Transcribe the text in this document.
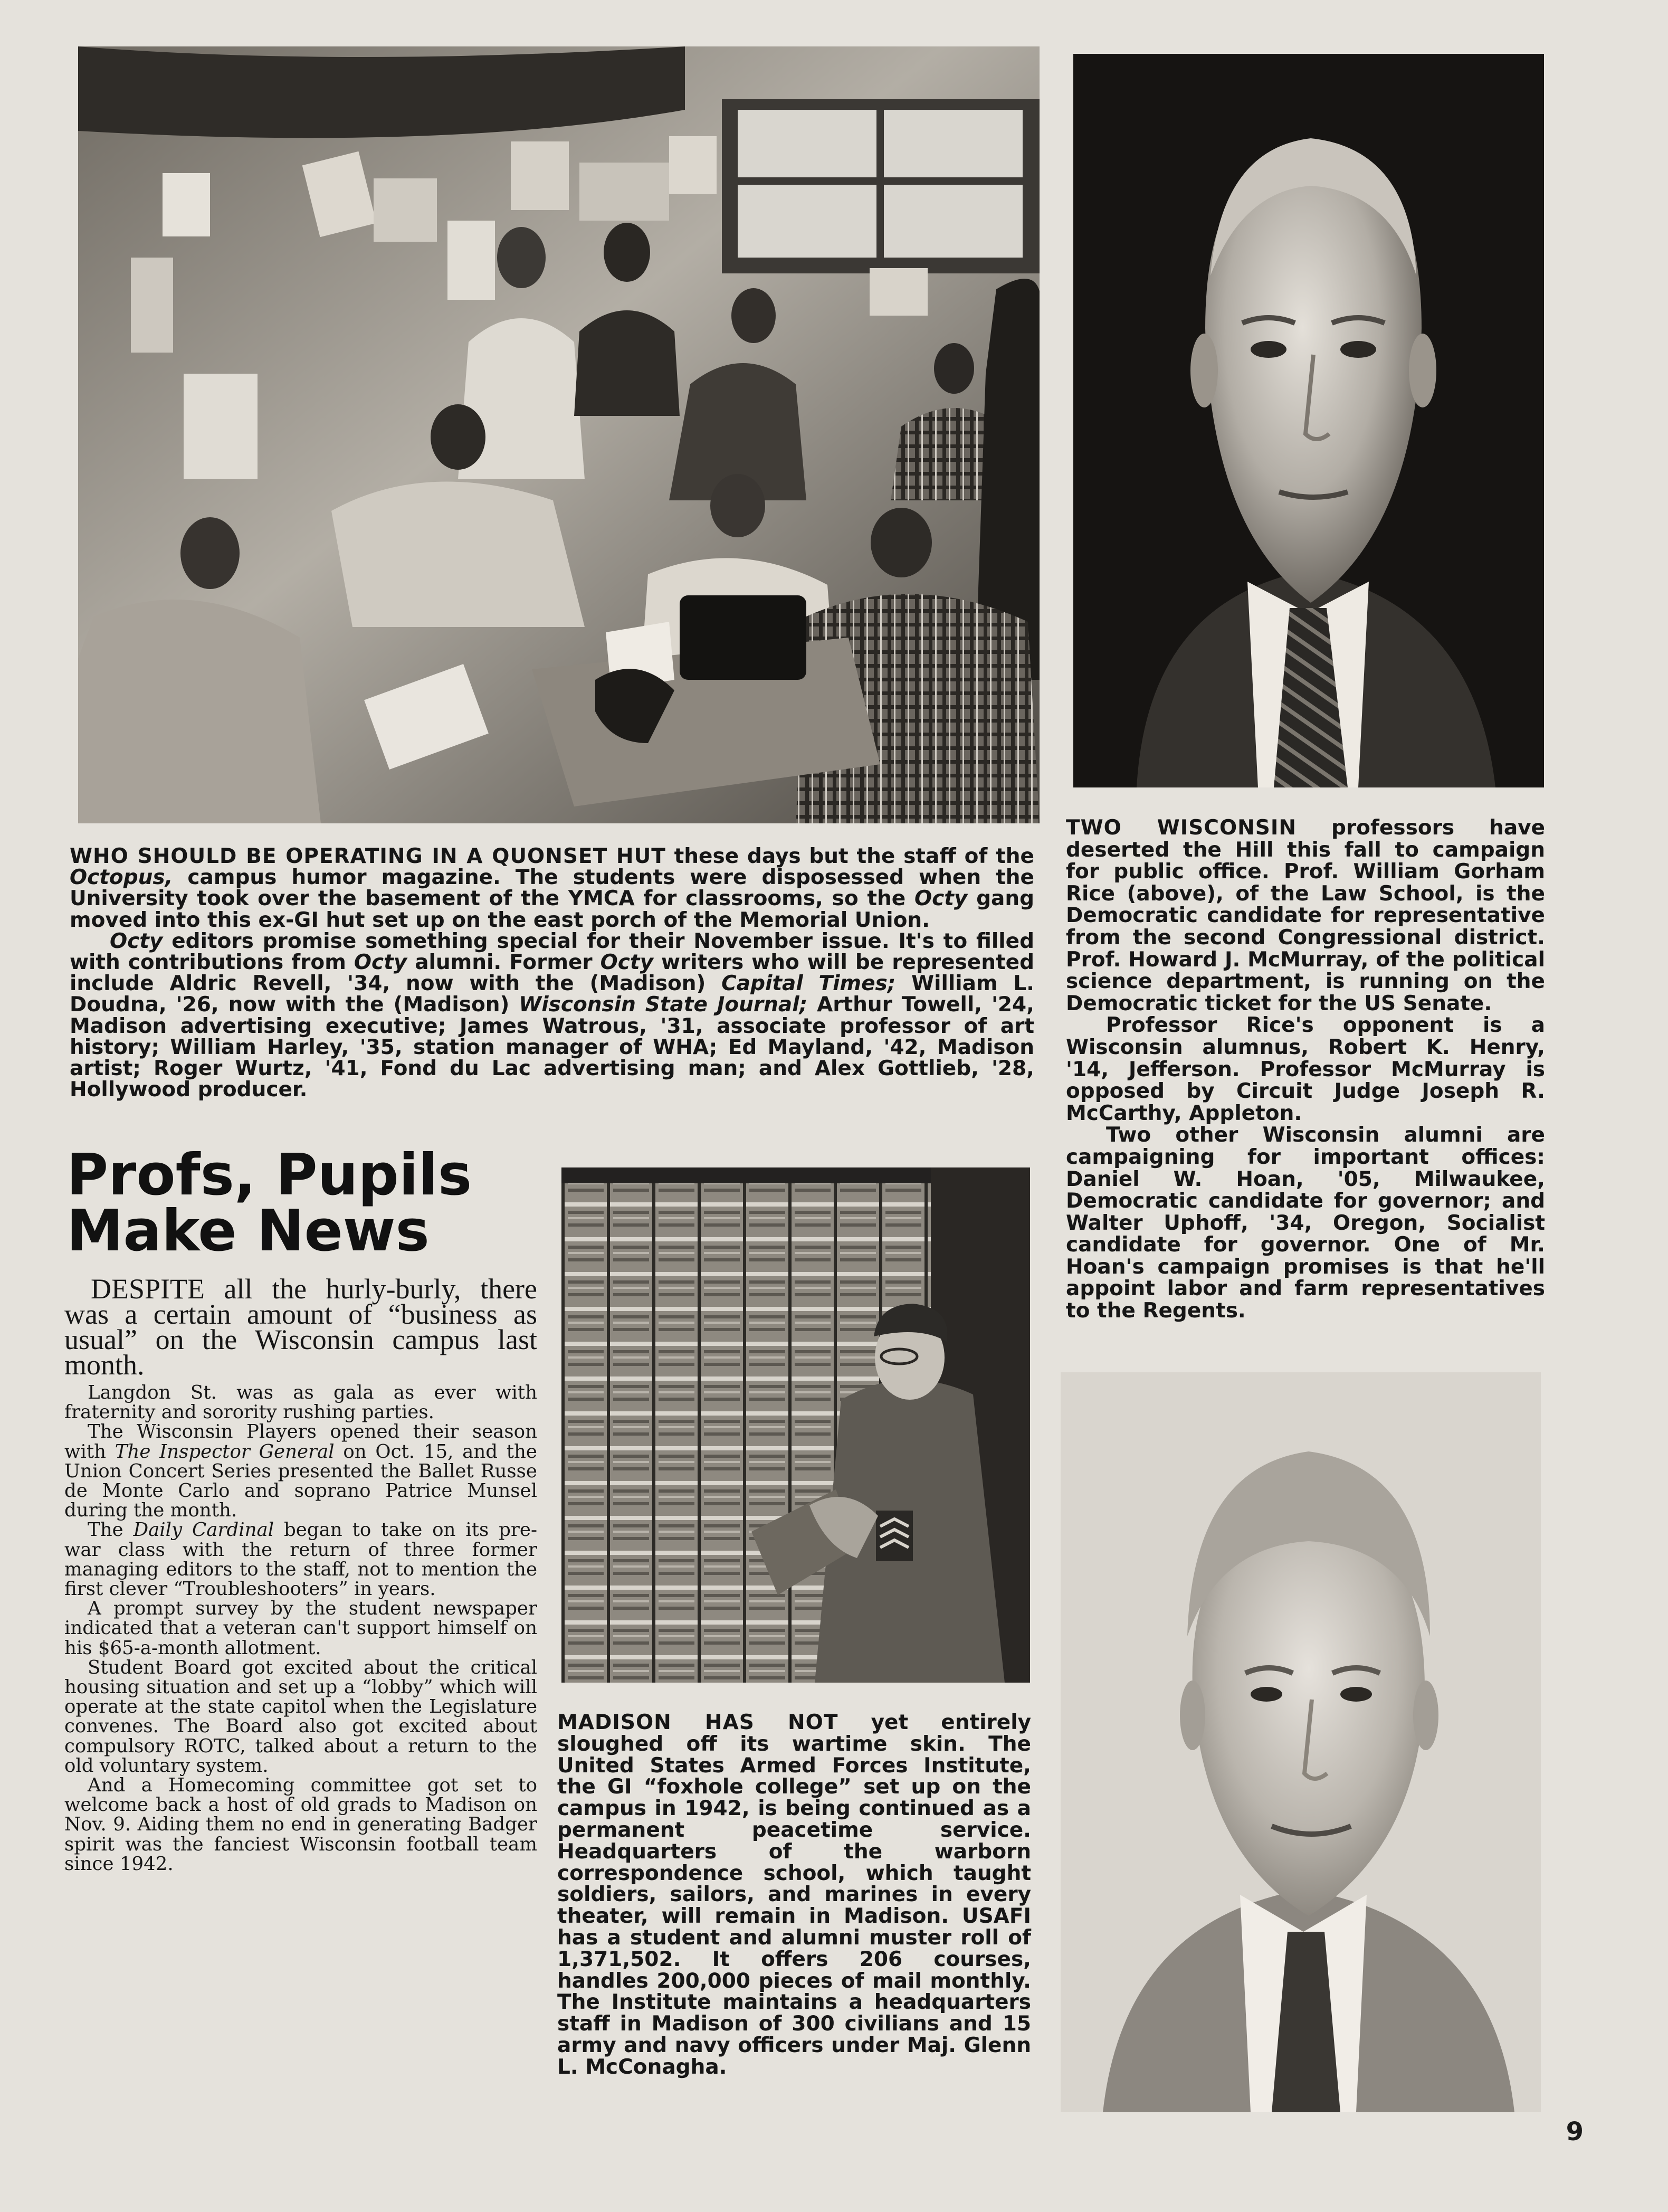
WHO SHOULD BE OPERATING IN A QUONSET HUT these days but the staff of the Octopus, campus humor magazine. The students were disposessed when the University took over the basement of the YMCA for classrooms, so the Octy gang moved into this ex-GI hut set up on the east porch of the Memorial Union.

Octy editors promise something special for their November issue. It's to filled with contributions from Octy alumni. Former Octy writers who will be represented include Aldric Revell, '34, now with the (Madison) Capital Times; William L. Doudna, '26, now with the (Madison) Wisconsin State Journal; Arthur Towell, '24, Madison advertising executive; James Watrous, '31, associate professor of art history; William Harley, '35, station manager of WHA; Ed Mayland, '42, Madison artist; Roger Wurtz, '41, Fond du Lac advertising man; and Alex Gottlieb, '28, Hollywood producer.

TWO WISCONSIN professors have deserted the Hill this fall to campaign for public office. Prof. William Gorham Rice (above), of the Law School, is the Democratic candidate for representative from the second Congressional district. Prof. Howard J. McMurray, of the political science department, is running on the Democratic ticket for the US Senate.

Professor Rice's opponent is a Wisconsin alumnus, Robert K. Henry, '14, Jefferson. Professor McMurray is opposed by Circuit Judge Joseph R. McCarthy, Appleton.

Two other Wisconsin alumni are campaigning for important offices: Daniel W. Hoan, '05, Milwaukee, Democratic candidate for governor; and Walter Uphoff, '34, Oregon, Socialist candidate for governor. One of Mr. Hoan's campaign promises is that he'll appoint labor and farm representatives to the Regents.

Profs, Pupils
Make News

DESPITE all the hurly-burly, there was a certain amount of “business as usual” on the Wisconsin campus last month.

Langdon St. was as gala as ever with fraternity and sorority rushing parties.

The Wisconsin Players opened their season with The Inspector General on Oct. 15, and the Union Concert Series presented the Ballet Russe de Monte Carlo and soprano Patrice Munsel during the month.

The Daily Cardinal began to take on its pre-war class with the return of three former managing editors to the staff, not to mention the first clever “Troubleshooters” in years.

A prompt survey by the student newspaper indicated that a veteran can't support himself on his $65-a-month allotment.

Student Board got excited about the critical housing situation and set up a “lobby” which will operate at the state capitol when the Legislature convenes. The Board also got excited about compulsory ROTC, talked about a return to the old voluntary system.

And a Homecoming committee got set to welcome back a host of old grads to Madison on Nov. 9. Aiding them no end in generating Badger spirit was the fanciest Wisconsin football team since 1942.

MADISON HAS NOT yet entirely sloughed off its wartime skin. The United States Armed Forces Institute, the GI “foxhole college” set up on the campus in 1942, is being continued as a permanent peacetime service. Headquarters of the warborn correspondence school, which taught soldiers, sailors, and marines in every theater, will remain in Madison. USAFI has a student and alumni muster roll of 1,371,502. It offers 206 courses, handles 200,000 pieces of mail monthly. The Institute maintains a headquarters staff in Madison of 300 civilians and 15 army and navy officers under Maj. Glenn L. McConagha.

9
